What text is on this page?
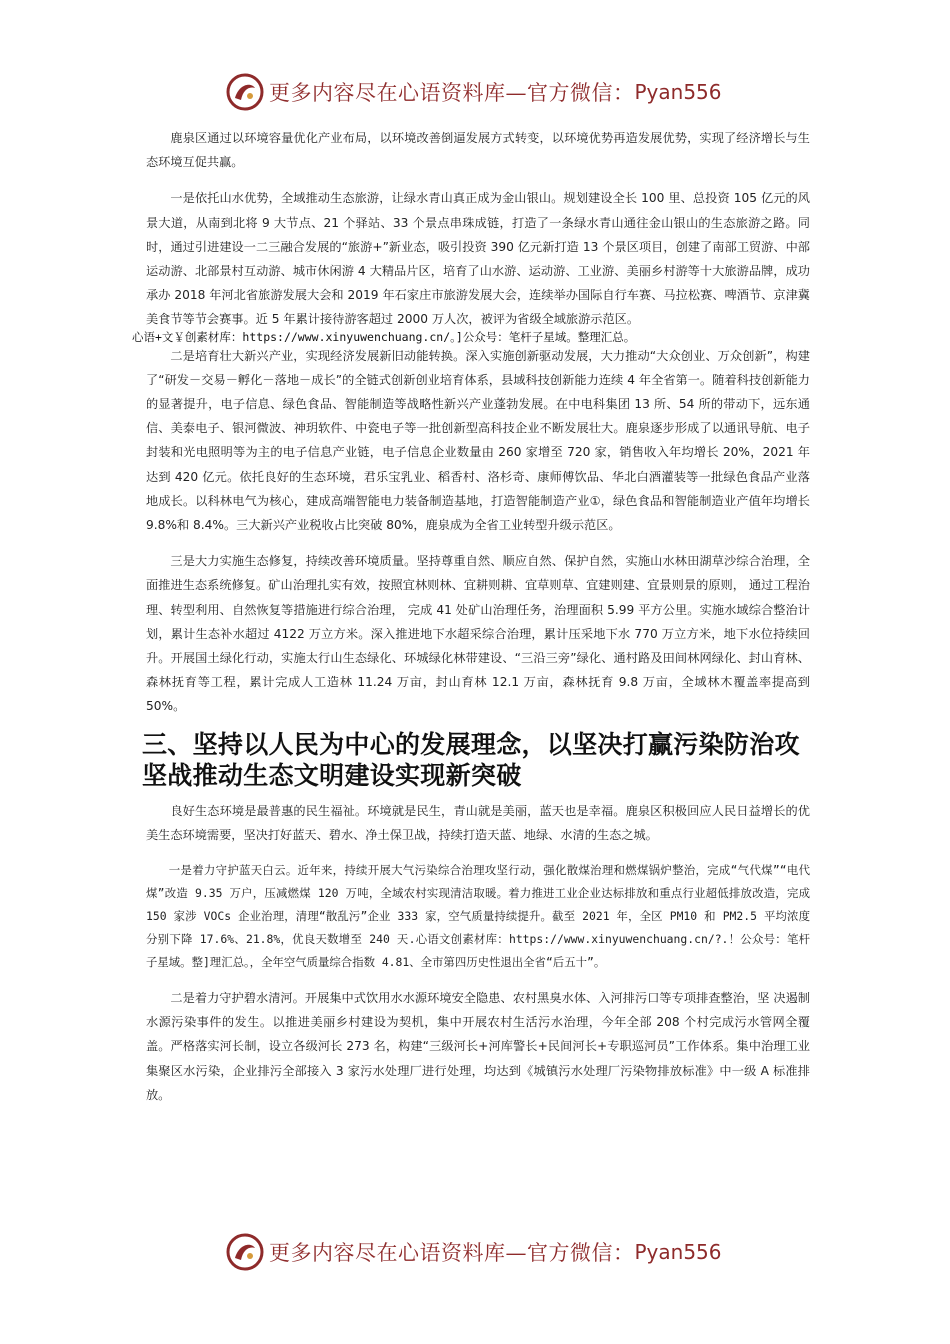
更多内容尽在心语资料库—官方微信： Pyan556

鹿泉区通过以环境容量优化产业布局，以环境改善倒逼发展方式转变，以环境优势再造发展优势，实现了经济增长与生态环境互促共赢。

一是依托山水优势，全域推动生态旅游，让绿水青山真正成为金山银山。规划建设全长 100 里、总投资 105 亿元的风景大道，从南到北将 9 大节点、21 个驿站、33 个景点串珠成链，打造了一条绿水青山通往金山银山的生态旅游之路。同时，通过引进建设一二三融合发展的“旅游+”新业态，吸引投资 390 亿元新打造 13 个景区项目，创建了南部工贸游、中部运动游、北部景村互动游、城市休闲游 4 大精品片区，培育了山水游、运动游、工业游、美丽乡村游等十大旅游品牌，成功承办 2018 年河北省旅游发展大会和 2019 年石家庄市旅游发展大会，连续举办国际自行车赛、马拉松赛、啤酒节、京津冀美食节等节会赛事。近 5 年累计接待游客超过 2000 万人次，被评为省级全域旅游示范区。

心语+文￥创素材库：https://www.xinyuwenchuang.cn/。]公众号：笔杆子星域。整理汇总。

二是培育壮大新兴产业，实现经济发展新旧动能转换。深入实施创新驱动发展，大力推动“大众创业、万众创新”，构建了“研发－交易－孵化－落地－成长”的全链式创新创业培育体系，县域科技创新能力连续 4 年全省第一。随着科技创新能力的显著提升，电子信息、绿色食品、智能制造等战略性新兴产业蓬勃发展。在中电科集团 13 所、54 所的带动下，远东通信、美泰电子、银河微波、神玥软件、中瓷电子等一批创新型高科技企业不断发展壮大。鹿泉逐步形成了以通讯导航、电子封装和光电照明等为主的电子信息产业链，电子信息企业数量由 260 家增至 720 家，销售收入年均增长 20%，2021 年达到 420 亿元。依托良好的生态环境，君乐宝乳业、稻香村、洛杉奇、康师傅饮品、华北白酒灌装等一批绿色食品产业落地成长。以科林电气为核心，建成高端智能电力装备制造基地，打造智能制造产业①，绿色食品和智能制造业产值年均增长 9.8%和 8.4%。三大新兴产业税收占比突破 80%，鹿泉成为全省工业转型升级示范区。

三是大力实施生态修复，持续改善环境质量。坚持尊重自然、顺应自然、保护自然，实施山水林田湖草沙综合治理，全面推进生态系统修复。矿山治理扎实有效，按照宜林则林、宜耕则耕、宜草则草、宜建则建、宜景则景的原则， 通过工程治理、转型利用、自然恢复等措施进行综合治理， 完成 41 处矿山治理任务，治理面积 5.99 平方公里。实施水域综合整治计划，累计生态补水超过 4122 万立方米。深入推进地下水超采综合治理，累计压采地下水 770 万立方米，地下水位持续回升。开展国土绿化行动，实施太行山生态绿化、环城绿化林带建设、“三沿三旁”绿化、通村路及田间林网绿化、封山育林、森林抚育等工程，累计完成人工造林 11.24 万亩，封山育林 12.1 万亩，森林抚育 9.8 万亩，全域林木覆盖率提高到 50%。

三、坚持以人民为中心的发展理念，以坚决打赢污染防治攻坚战推动生态文明建设实现新突破

良好生态环境是最普惠的民生福祉。环境就是民生，青山就是美丽，蓝天也是幸福。鹿泉区积极回应人民日益增长的优美生态环境需要，坚决打好蓝天、碧水、净土保卫战，持续打造天蓝、地绿、水清的生态之城。

一是着力守护蓝天白云。近年来，持续开展大气污染综合治理攻坚行动，强化散煤治理和燃煤锅炉整治，完成“气代煤”“电代煤”改造 9.35 万户，压减燃煤 120 万吨，全域农村实现清洁取暖。着力推进工业企业达标排放和重点行业超低排放改造，完成 150 家涉 VOCs 企业治理，清理“散乱污”企业 333 家，空气质量持续提升。截至 2021 年，全区 PM10 和 PM2.5 平均浓度分别下降 17.6%、21.8%，优良天数增至 240 天.心语文创素材库：https://www.xinyuwenchuang.cn/?.！公众号：笔杆子星域。整]理汇总。，全年空气质量综合指数 4.81、全市第四历史性退出全省“后五十”。

二是着力守护碧水清河。开展集中式饮用水水源环境安全隐患、农村黑臭水体、入河排污口等专项排查整治，坚 决遏制水源污染事件的发生。以推进美丽乡村建设为契机，集中开展农村生活污水治理，今年全部 208 个村完成污水管网全覆盖。严格落实河长制，设立各级河长 273 名，构建“三级河长+河库警长+民间河长+专职巡河员”工作体系。集中治理工业集聚区水污染，企业排污全部接入 3 家污水处理厂进行处理，均达到《城镇污水处理厂污染物排放标准》中一级 A 标准排放。

更多内容尽在心语资料库—官方微信： Pyan556
